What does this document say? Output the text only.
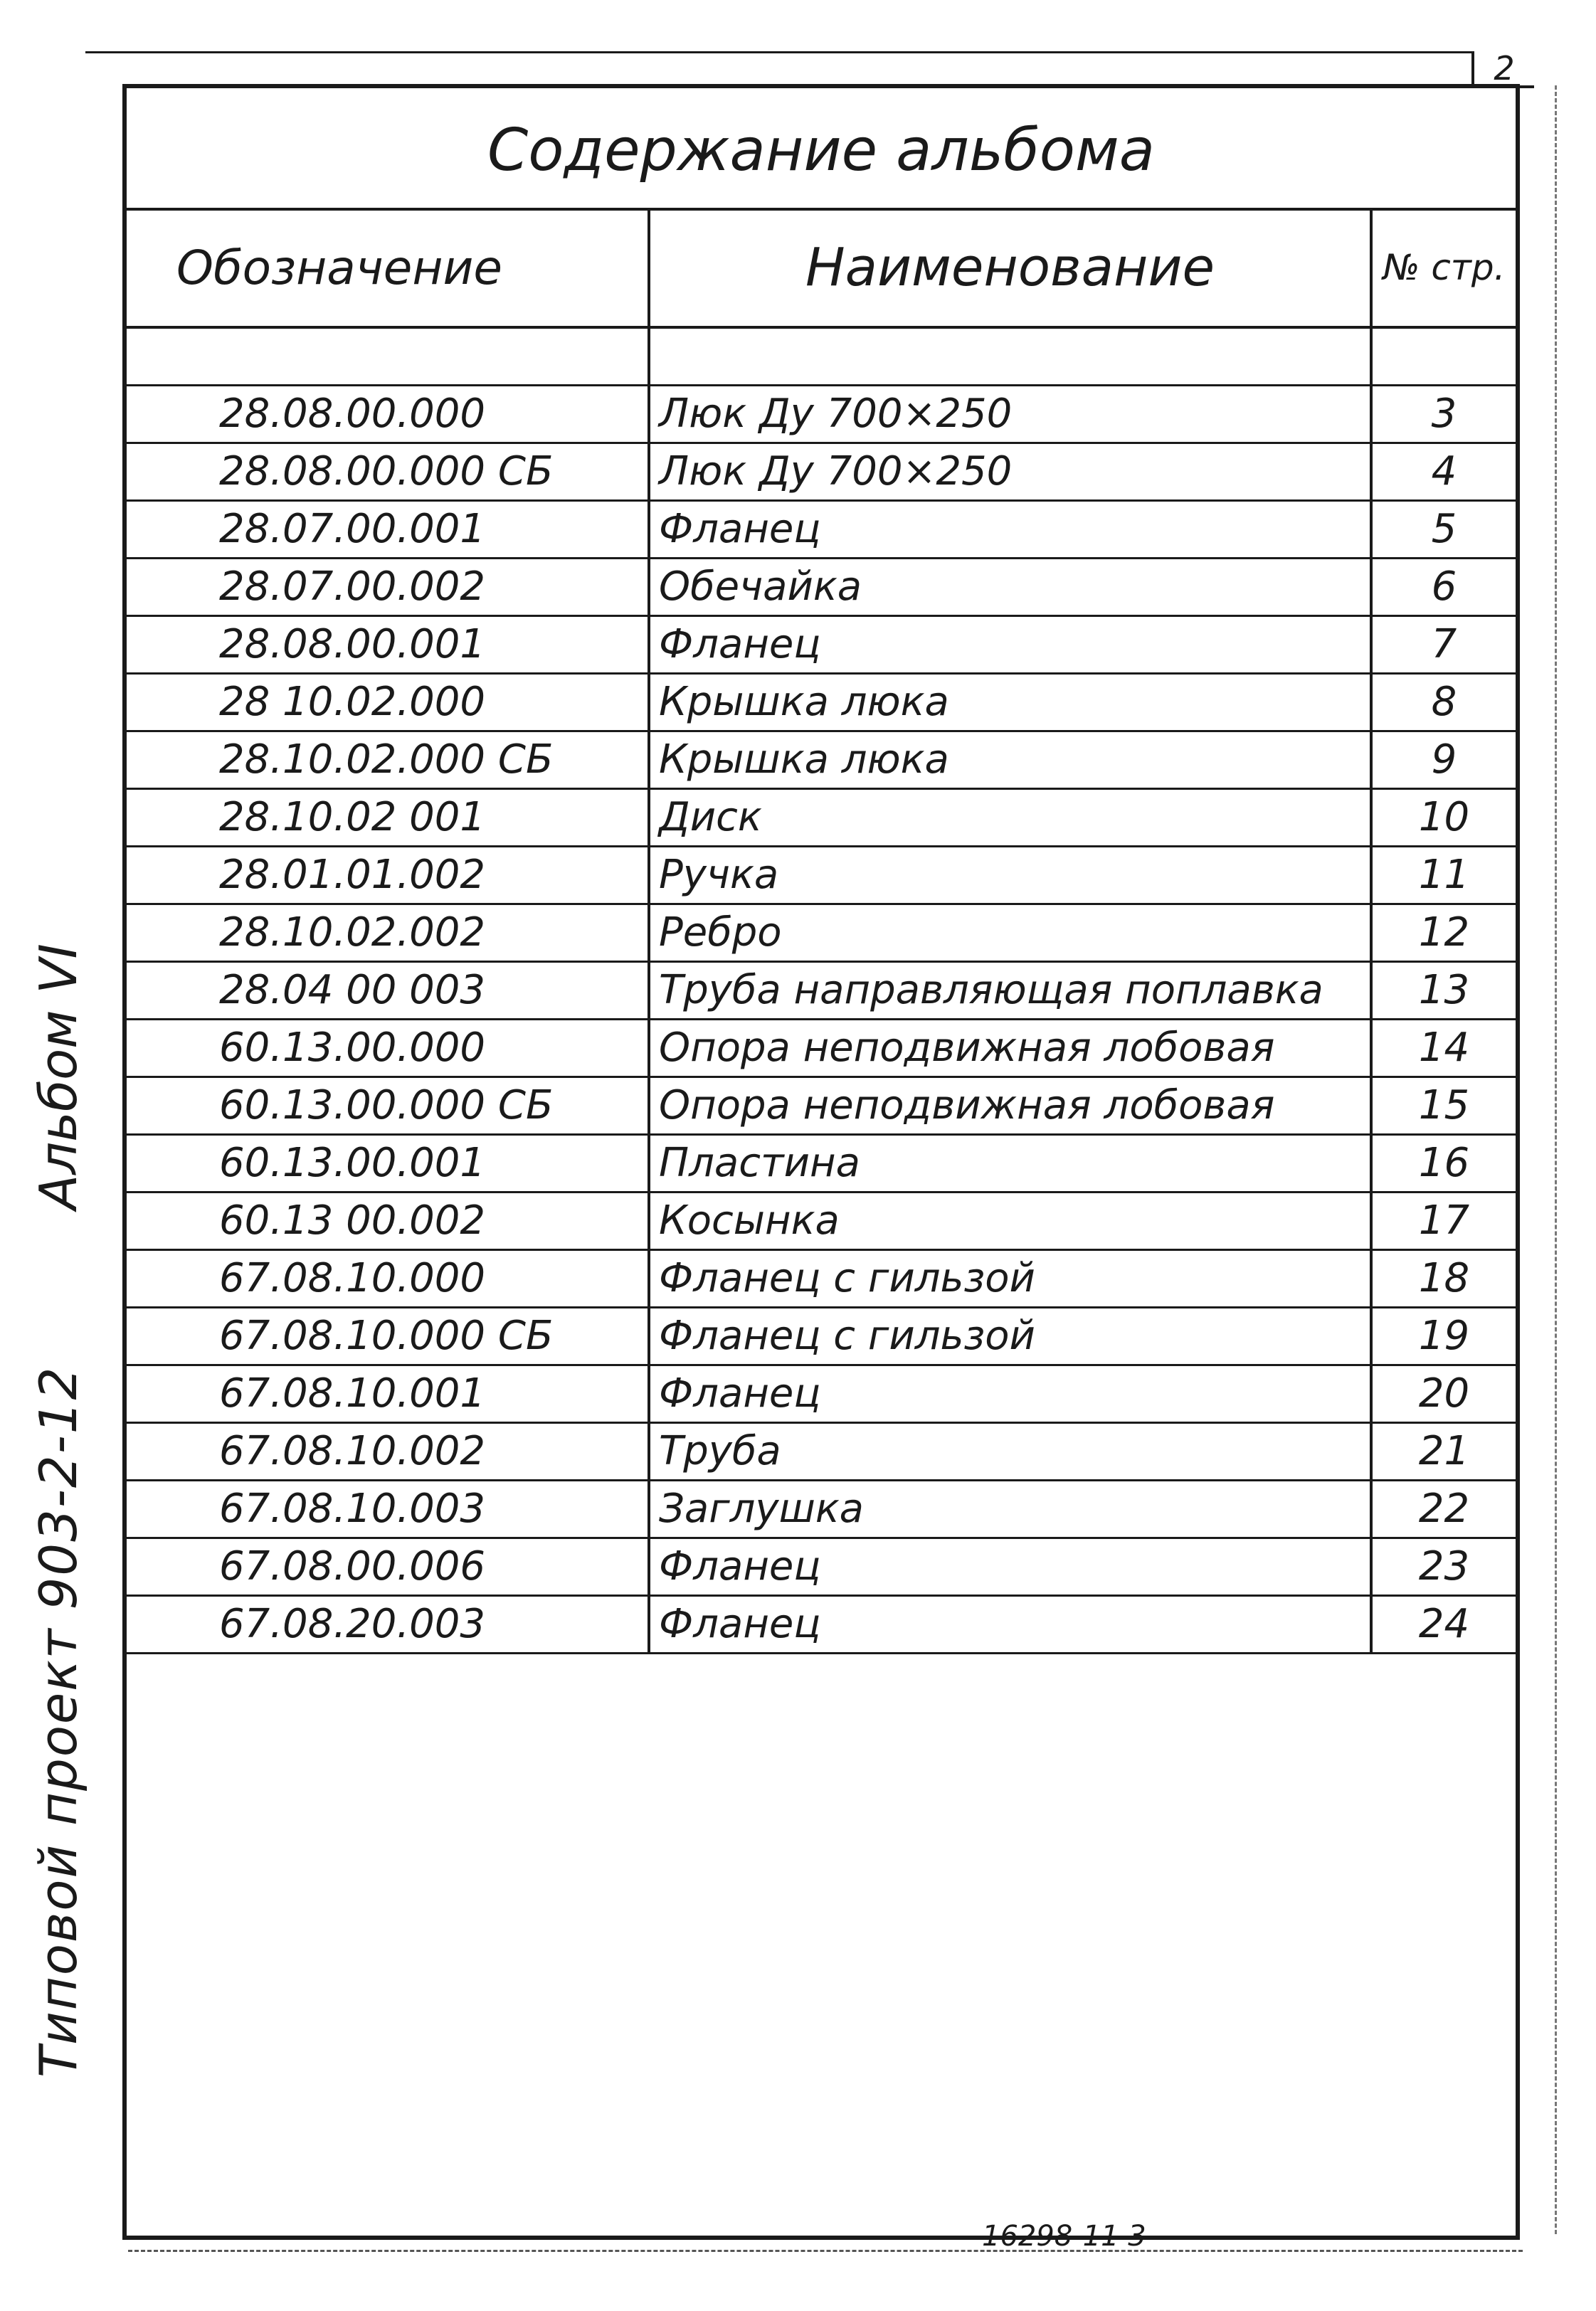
2
Типовой проект 903-2-12
Альбом VI
Содержание альбома
Обозначение	Наименование	№ стр.

28.08.00.000	Люк Ду 700×250	3
28.08.00.000 СБ	Люк Ду 700×250	4
28.07.00.001	Фланец	5
28.07.00.002	Обечайка	6
28.08.00.001	Фланец	7
28 10.02.000	Крышка люка	8
28.10.02.000 СБ	Крышка люка	9
28.10.02 001	Диск	10
28.01.01.002	Ручка	11
28.10.02.002	Ребро	12
28.04 00 003	Труба направляющая поплавка	13
60.13.00.000	Опора неподвижная лобовая	14
60.13.00.000 СБ	Опора неподвижная лобовая	15
60.13.00.001	Пластина	16
60.13 00.002	Косынка	17
67.08.10.000	Фланец с гильзой	18
67.08.10.000 СБ	Фланец с гильзой	19
67.08.10.001	Фланец	20
67.08.10.002	Труба	21
67.08.10.003	Заглушка	22
67.08.00.006	Фланец	23
67.08.20.003	Фланец	24
16298-11 3
